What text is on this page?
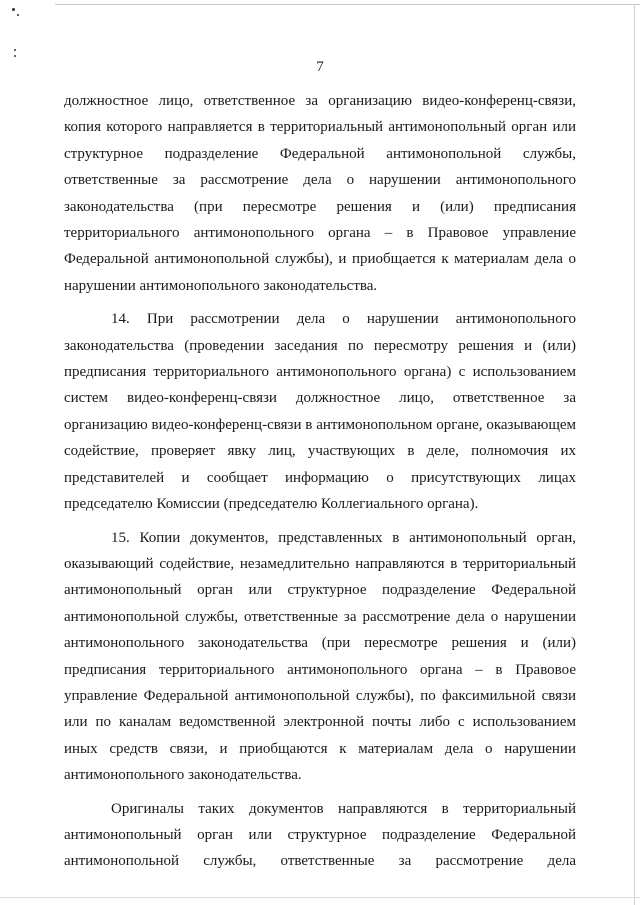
7

должностное лицо, ответственное за организацию видео-конференц-связи, копия которого направляется в территориальный антимонопольный орган или структурное подразделение Федеральной антимонопольной службы, ответственные за рассмотрение дела о нарушении антимонопольного законодательства (при пересмотре решения и (или) предписания территориального антимонопольного органа – в Правовое управление Федеральной антимонопольной службы), и приобщается к материалам дела о нарушении антимонопольного законодательства.

14. При рассмотрении дела о нарушении антимонопольного законодательства (проведении заседания по пересмотру решения и (или) предписания территориального антимонопольного органа) с использованием систем видео-конференц-связи должностное лицо, ответственное за организацию видео-конференц-связи в антимонопольном органе, оказывающем содействие, проверяет явку лиц, участвующих в деле, полномочия их представителей и сообщает информацию о присутствующих лицах председателю Комиссии (председателю Коллегиального органа).

15. Копии документов, представленных в антимонопольный орган, оказывающий содействие, незамедлительно направляются в территориальный антимонопольный орган или структурное подразделение Федеральной антимонопольной службы, ответственные за рассмотрение дела о нарушении антимонопольного законодательства (при пересмотре решения и (или) предписания территориального антимонопольного органа – в Правовое управление Федеральной антимонопольной службы), по факсимильной связи или по каналам ведомственной электронной почты либо с использованием иных средств связи, и приобщаются к материалам дела о нарушении антимонопольного законодательства.

Оригиналы таких документов направляются в территориальный антимонопольный орган или структурное подразделение Федеральной антимонопольной службы, ответственные за рассмотрение дела
